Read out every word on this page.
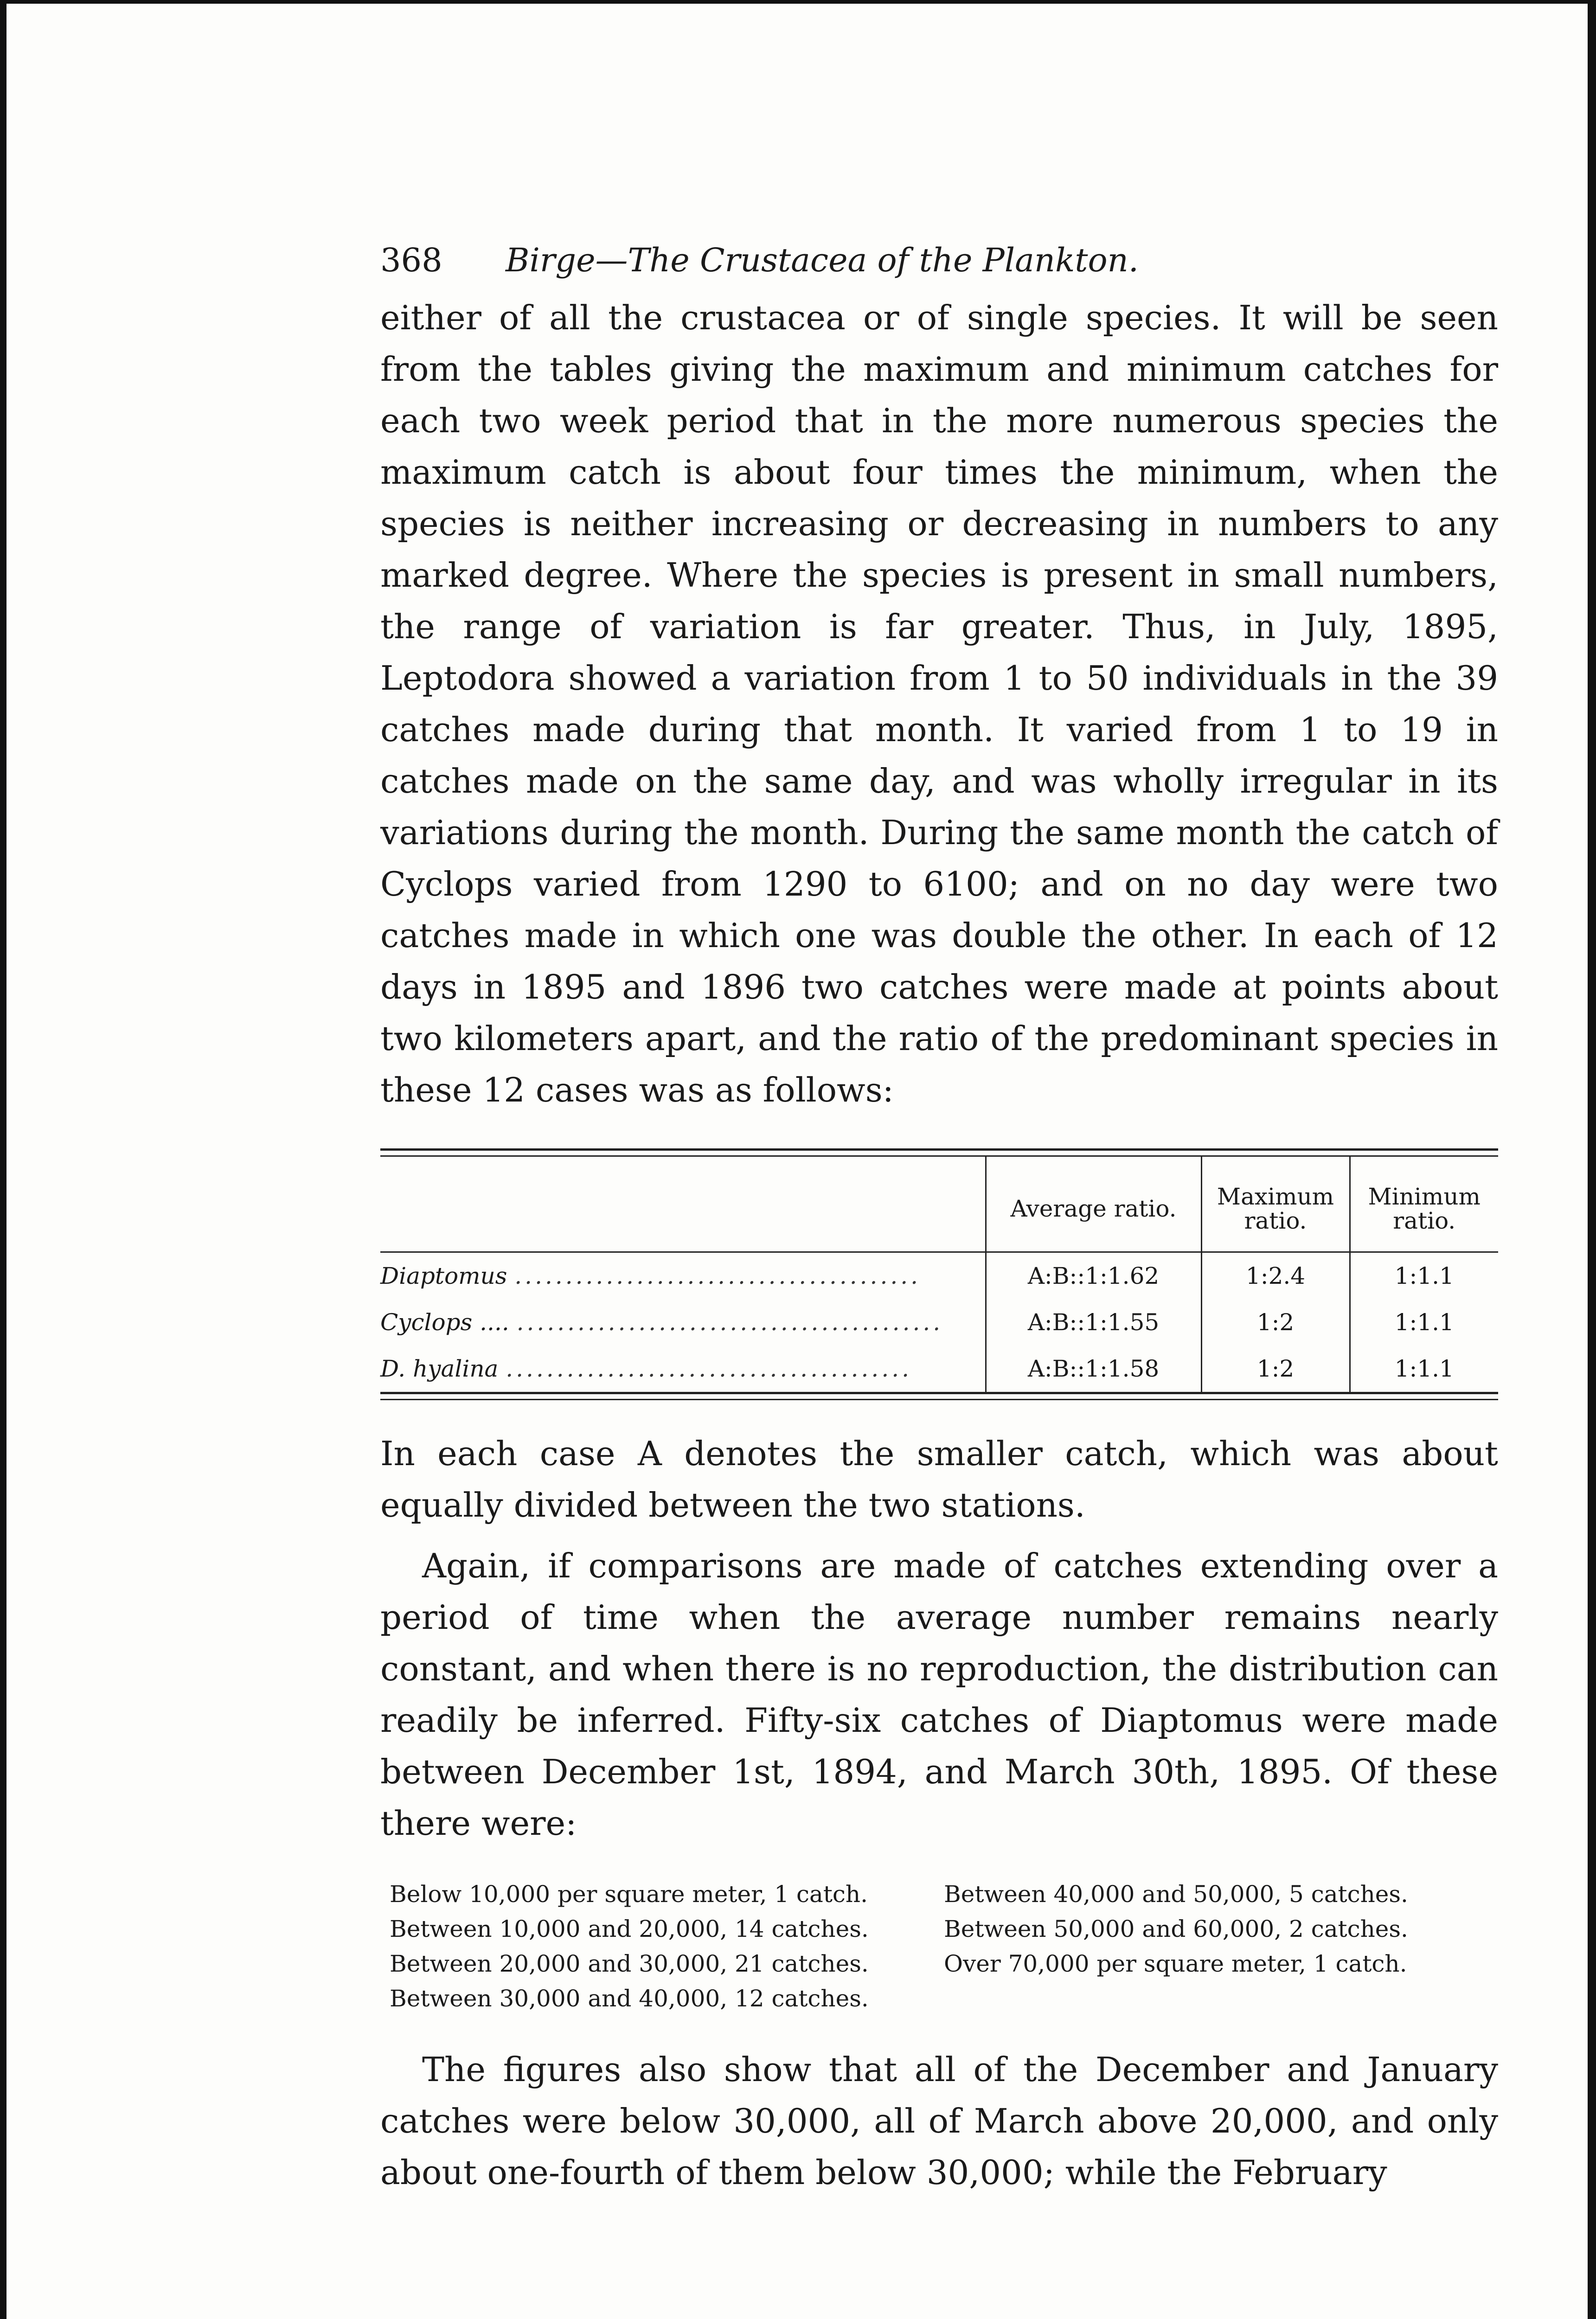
368	Birge—The Crustacea of the Plankton.

either of all the crustacea or of single species. It will be seen from the tables giving the maximum and minimum catches for each two week period that in the more numerous species the maximum catch is about four times the minimum, when the species is neither increasing or decreasing in numbers to any marked degree. Where the species is present in small numbers, the range of variation is far greater. Thus, in July, 1895, Leptodora showed a variation from 1 to 50 individuals in the 39 catches made during that month. It varied from 1 to 19 in catches made on the same day, and was wholly irregular in its variations during the month. During the same month the catch of Cyclops varied from 1290 to 6100; and on no day were two catches made in which one was double the other. In each of 12 days in 1895 and 1896 two catches were made at points about two kilometers apart, and the ratio of the predominant species in these 12 cases was as follows:

	Average ratio.	Maximum ratio.	Minimum ratio.
Diaptomus ........................................	A:B::1:1.62	1:2.4	1:1.1
Cyclops .... ..........................................	A:B::1:1.55	1:2	1:1.1
D. hyalina ........................................	A:B::1:1.58	1:2	1:1.1

In each case A denotes the smaller catch, which was about equally divided between the two stations.

Again, if comparisons are made of catches extending over a period of time when the average number remains nearly constant, and when there is no reproduction, the distribution can readily be inferred. Fifty-six catches of Diaptomus were made between December 1st, 1894, and March 30th, 1895. Of these there were:

Below 10,000 per square meter, 1 catch.
Between 10,000 and 20,000, 14 catches.
Between 20,000 and 30,000, 21 catches.
Between 30,000 and 40,000, 12 catches.
Between 40,000 and 50,000, 5 catches.
Between 50,000 and 60,000, 2 catches.
Over 70,000 per square meter, 1 catch.

The figures also show that all of the December and January catches were below 30,000, all of March above 20,000, and only about one-fourth of them below 30,000; while the February
